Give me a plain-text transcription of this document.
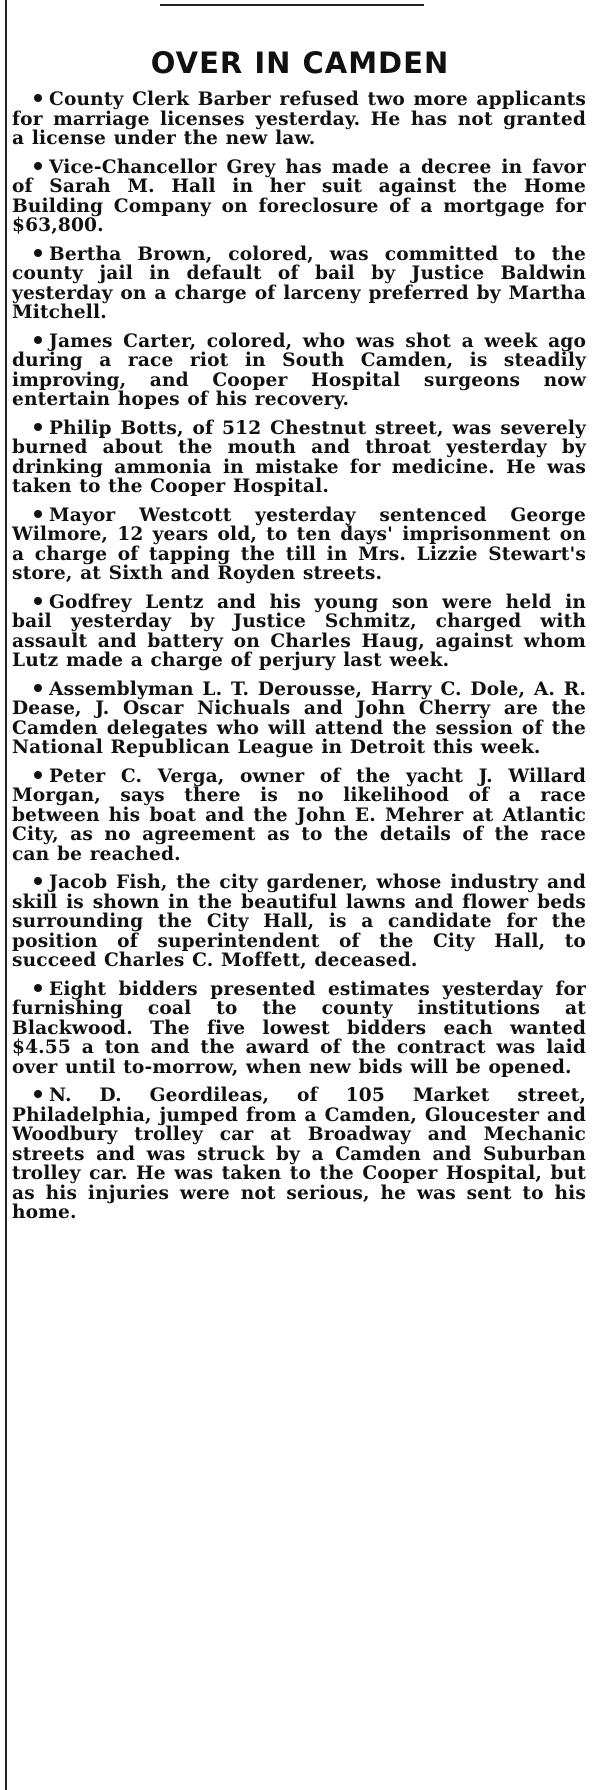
OVER IN CAMDEN

County Clerk Barber refused two more applicants for marriage licenses yesterday. He has not granted a license under the new law.

Vice-Chancellor Grey has made a decree in favor of Sarah M. Hall in her suit against the Home Building Company on foreclosure of a mortgage for $63,800.

Bertha Brown, colored, was committed to the county jail in default of bail by Justice Baldwin yesterday on a charge of larceny preferred by Martha Mitchell.

James Carter, colored, who was shot a week ago during a race riot in South Camden, is steadily improving, and Cooper Hospital surgeons now entertain hopes of his recovery.

Philip Botts, of 512 Chestnut street, was severely burned about the mouth and throat yesterday by drinking ammonia in mistake for medicine. He was taken to the Cooper Hospital.

Mayor Westcott yesterday sentenced George Wilmore, 12 years old, to ten days' imprisonment on a charge of tapping the till in Mrs. Lizzie Stewart's store, at Sixth and Royden streets.

Godfrey Lentz and his young son were held in bail yesterday by Justice Schmitz, charged with assault and battery on Charles Haug, against whom Lutz made a charge of perjury last week.

Assemblyman L. T. Derousse, Harry C. Dole, A. R. Dease, J. Oscar Nichuals and John Cherry are the Camden delegates who will attend the session of the National Republican League in Detroit this week.

Peter C. Verga, owner of the yacht J. Willard Morgan, says there is no likelihood of a race between his boat and the John E. Mehrer at Atlantic City, as no agreement as to the details of the race can be reached.

Jacob Fish, the city gardener, whose industry and skill is shown in the beautiful lawns and flower beds surrounding the City Hall, is a candidate for the position of superintendent of the City Hall, to succeed Charles C. Moffett, deceased.

Eight bidders presented estimates yesterday for furnishing coal to the county institutions at Blackwood. The five lowest bidders each wanted $4.55 a ton and the award of the contract was laid over until to-morrow, when new bids will be opened.

N. D. Geordileas, of 105 Market street, Philadelphia, jumped from a Camden, Gloucester and Woodbury trolley car at Broadway and Mechanic streets and was struck by a Camden and Suburban trolley car. He was taken to the Cooper Hospital, but as his injuries were not serious, he was sent to his home.
